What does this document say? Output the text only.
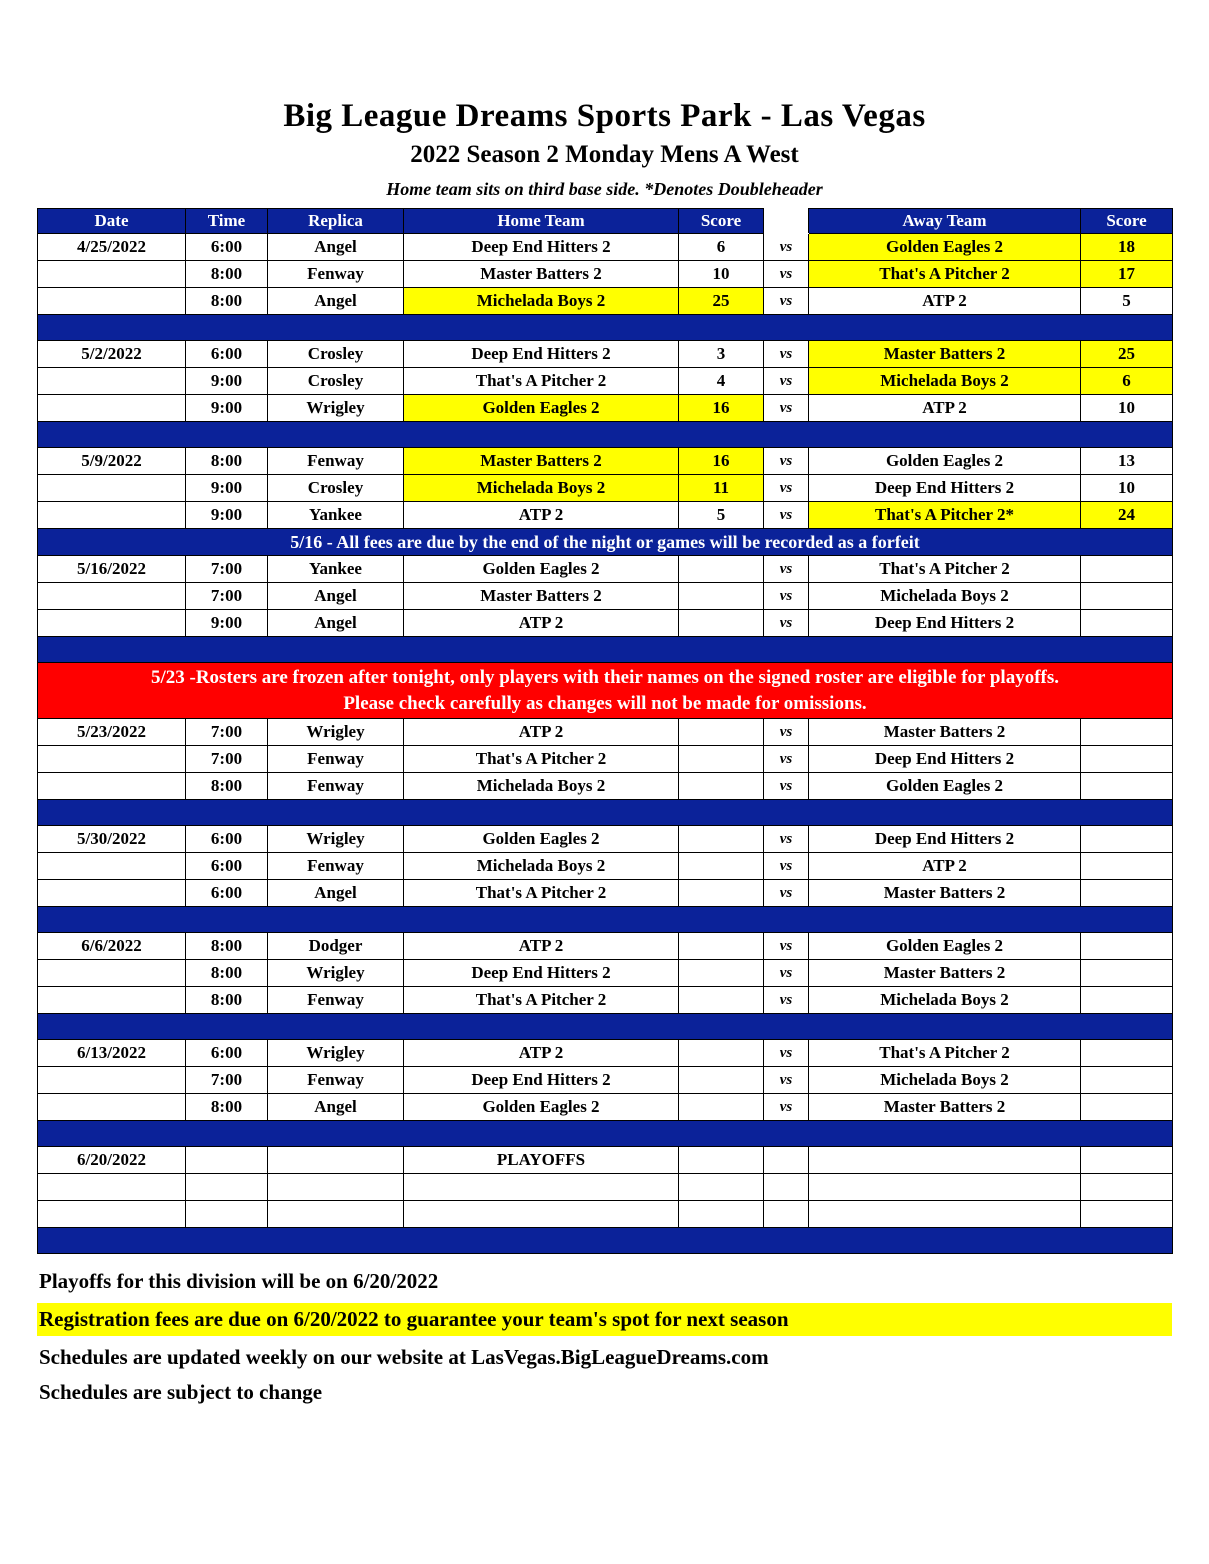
Big League Dreams Sports Park - Las Vegas
2022 Season 2 Monday Mens A West
Home team sits on third base side. *Denotes Doubleheader
Date	Time	Replica	Home Team	Score		Away Team	Score
4/25/2022	6:00	Angel	Deep End Hitters 2	6	vs	Golden Eagles 2	18
	8:00	Fenway	Master Batters 2	10	vs	That's A Pitcher 2	17
	8:00	Angel	Michelada Boys 2	25	vs	ATP 2	5

5/2/2022	6:00	Crosley	Deep End Hitters 2	3	vs	Master Batters 2	25
	9:00	Crosley	That's A Pitcher 2	4	vs	Michelada Boys 2	6
	9:00	Wrigley	Golden Eagles 2	16	vs	ATP 2	10

5/9/2022	8:00	Fenway	Master Batters 2	16	vs	Golden Eagles 2	13
	9:00	Crosley	Michelada Boys 2	11	vs	Deep End Hitters 2	10
	9:00	Yankee	ATP 2	5	vs	That's A Pitcher 2*	24
5/16 - All fees are due by the end of the night or games will be recorded as a forfeit							
5/16/2022	7:00	Yankee	Golden Eagles 2		vs	That's A Pitcher 2	
	7:00	Angel	Master Batters 2		vs	Michelada Boys 2	
	9:00	Angel	ATP 2		vs	Deep End Hitters 2	

5/23 -Rosters are frozen after tonight, only players with their names on the signed roster are eligible for playoffs.
Please check carefully as changes will not be made for omissions.							

5/23/2022	7:00	Wrigley	ATP 2		vs	Master Batters 2	
	7:00	Fenway	That's A Pitcher 2		vs	Deep End Hitters 2	
	8:00	Fenway	Michelada Boys 2		vs	Golden Eagles 2	

5/30/2022	6:00	Wrigley	Golden Eagles 2		vs	Deep End Hitters 2	
	6:00	Fenway	Michelada Boys 2		vs	ATP 2	
	6:00	Angel	That's A Pitcher 2		vs	Master Batters 2	

6/6/2022	8:00	Dodger	ATP 2		vs	Golden Eagles 2	
	8:00	Wrigley	Deep End Hitters 2		vs	Master Batters 2	
	8:00	Fenway	That's A Pitcher 2		vs	Michelada Boys 2	

6/13/2022	6:00	Wrigley	ATP 2		vs	That's A Pitcher 2	
	7:00	Fenway	Deep End Hitters 2		vs	Michelada Boys 2	
	8:00	Angel	Golden Eagles 2		vs	Master Batters 2	

6/20/2022			PLAYOFFS				

Playoffs for this division will be on 6/20/2022
Registration fees are due on 6/20/2022 to guarantee your team's spot for next season
Schedules are updated weekly on our website at LasVegas.BigLeagueDreams.com
Schedules are subject to change
